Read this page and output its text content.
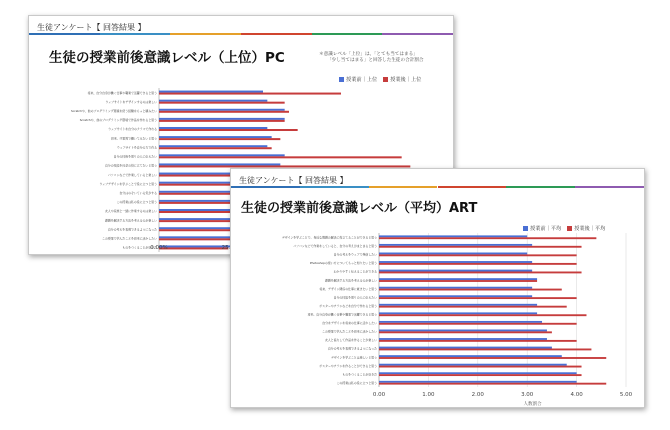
生徒アンケート【 回答結果 】
生徒の授業前後意識レベル（上位）PC	＊意識レベル「上位」は、「とても当てはまる」
「少し当てはまる」と回答した生徒の合計割合
授業前｜上位	授業後｜上位
将来、自分自身が働く仕事や職業で活躍できると思う
ウェブサイトをデザインするのは楽しい
Scratchや、他のプログラミング環境を使う経験をもっと積みたい
Scratchや、他のプログラミング環境で作品を作れると思う
ウェブサイトを自分のクラスで作れる
将来、IT業界で働いてみたいと思う
ウェブサイトを自分の力で作る
自分の技術を周りの人に伝えたい
自分の技能を社会の役に立てたいと思う
パソコンなどで作業していると楽しい
ウェブデザインを学ぶことで役に立つと思う
自分はのぞいている気がする
この授業は私の役に立つと思う
友人や家族と一緒に作業するのは楽しい
課題を解決する方法を考えるのが楽しい
自分の考えを表現できるようになった
この授業で学んだことを将来に活かしたい
ものをつくることが好きだ
0.00%	25.
生徒アンケート【 回答結果 】
生徒の授業前後意識レベル（平均）ART
授業前｜平均	授業後｜平均
0.00	1.00	2.00	3.00	4.00	5.00
デザインを学ぶことで、身近な問題の解決に役立てることができると思う
パソコンなどで作業をしていると、自分の考えがまとまると思う
自分の考えをウェブで発信したい
Photoshopの使い方についてもっと知りたいと思う
わかりやすく伝えることができる
課題を解決する方法を考えるのが楽しい
将来、デザイン関係の仕事に就きたいと思う
自分の技能を周りの人に伝えたい
ポスターやチラシなどを自分で作れると思う
将来、自分自身が働く仕事や職業で活躍できると思う
自分をデザインを将来の仕事に活かしたい
この授業で学んだことを将来に活かしたい
友人と協力して作品を作ることが楽しい
自分の考えを表現できるようになった
デザインを学ぶことは楽しいと思う
ポスターやチラシを作ることができると思う
ものをつくることが好きだ
この授業は私の役に立つと思う
人数割合
